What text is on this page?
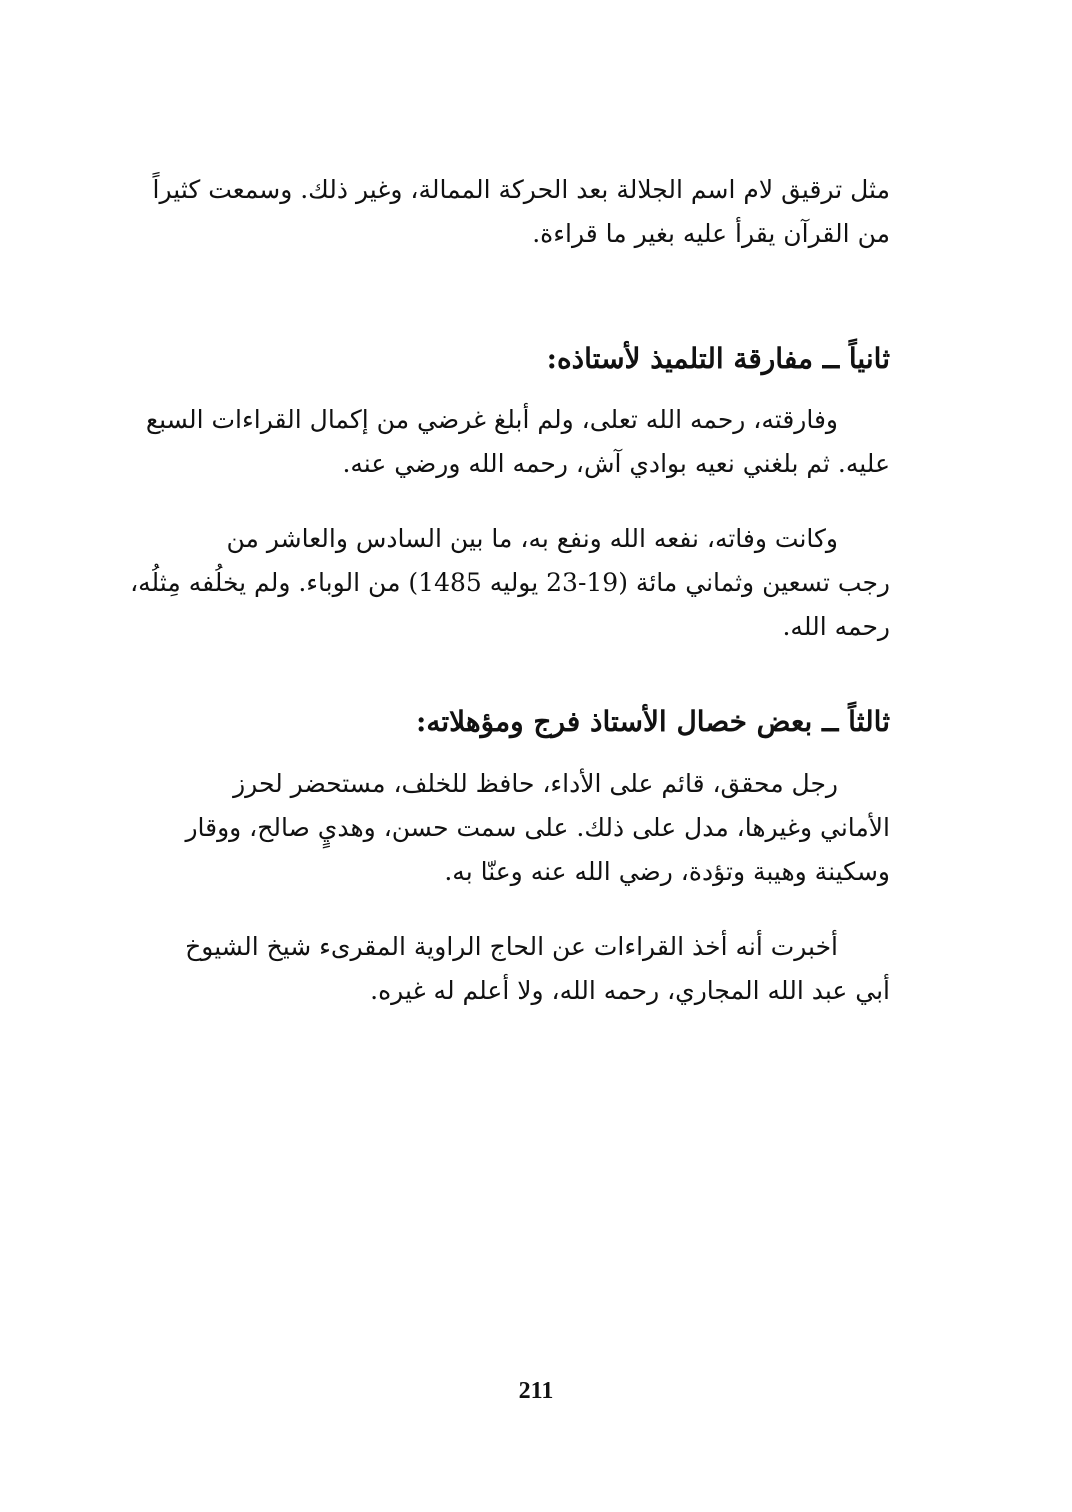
مثل ترقيق لام اسم الجلالة بعد الحركة الممالة، وغير ذلك. وسمعت كثيراً
من القرآن يقرأ عليه بغير ما قراءة.
ثانياً ــ مفارقة التلميذ لأستاذه:
وفارقته، رحمه الله تعلى، ولم أبلغ غرضي من إكمال القراءات السبع
عليه. ثم بلغني نعيه بوادي آش، رحمه الله ورضي عنه.
وكانت وفاته، نفعه الله ونفع به، ما بين السادس والعاشر من
رجب تسعين وثماني مائة (19-23 يوليه 1485) من الوباء. ولم يخلُفه مِثلُه،
رحمه الله.
ثالثاً ــ بعض خصال الأستاذ فرج ومؤهلاته:
رجل محقق، قائم على الأداء، حافظ للخلف، مستحضر لحرز
الأماني وغيرها، مدل على ذلك. على سمت حسن، وهديٍ صالح، ووقار
وسكينة وهيبة وتؤدة، رضي الله عنه وعنّا به.
أخبرت أنه أخذ القراءات عن الحاج الراوية المقرىء شيخ الشيوخ
أبي عبد الله المجاري، رحمه الله، ولا أعلم له غيره.
211
